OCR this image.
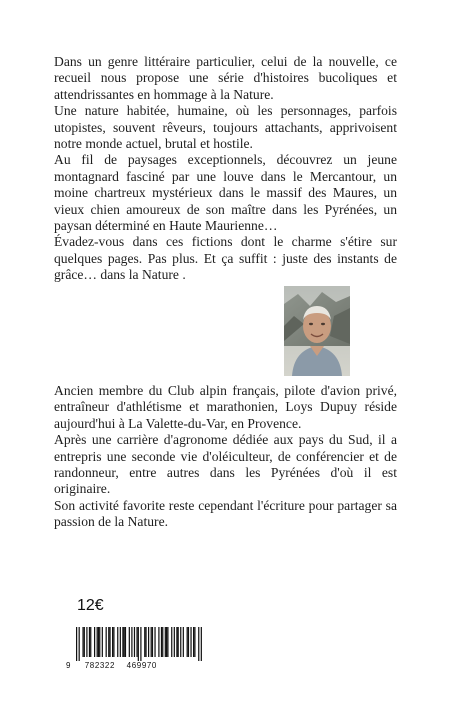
Dans un genre littéraire particulier, celui de la nouvelle, ce recueil nous propose une série d'histoires bucoliques et attendrissantes en hommage à la Nature.

Une nature habitée, humaine, où les personnages, parfois utopistes, souvent rêveurs, toujours attachants, apprivoisent notre monde actuel, brutal et hostile.

Au fil de paysages exceptionnels, découvrez un jeune montagnard fasciné par une louve dans le Mercantour, un moine chartreux mystérieux dans le massif des Maures, un vieux chien amoureux de son maître dans les Pyrénées, un paysan déterminé en Haute Maurienne…

Évadez-vous dans ces fictions dont le charme s'étire sur quelques pages. Pas plus. Et ça suffit : juste des instants de grâce… dans la Nature .

Ancien membre du Club alpin français, pilote d'avion privé, entraîneur d'athlétisme et marathonien, Loys Dupuy réside aujourd'hui à La Valette-du-Var, en Provence.

Après une carrière d'agronome dédiée aux pays du Sud, il a entrepris une seconde vie d'oléiculteur, de conférencier et de randonneur, entre autres dans les Pyrénées d'où il est originaire.

Son activité favorite reste cependant l'écriture pour partager sa passion de la Nature.

12€
9 782322 469970
